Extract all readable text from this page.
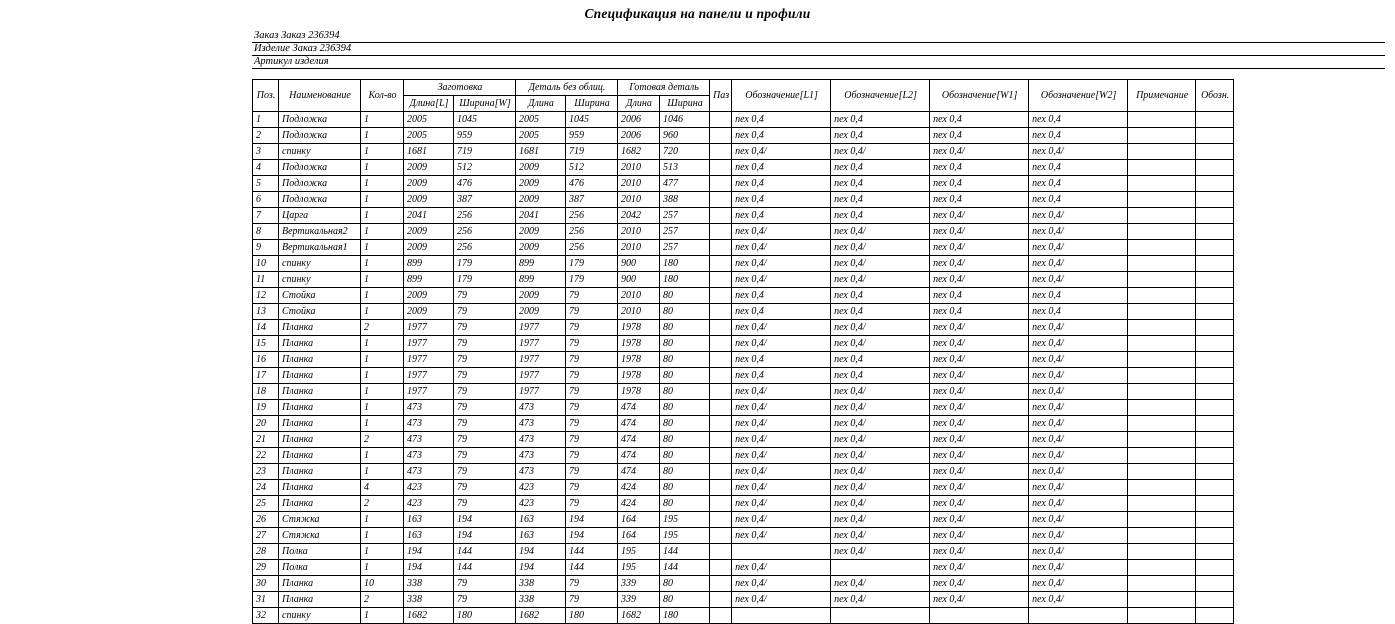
Спецификация на панели и профили
Заказ Заказ 236394
Изделие Заказ 236394
Артикул изделия
Поз.	Наименование	Кол-во	Заготовка		Деталь без облиц.		Готовая деталь		Паз	Обозначение[L1]	Обозначение[L2]	Обозначение[W1]	Обозначение[W2]	Примечание	Обозн.
			Длина[L]	Ширина[W]	Длина	Ширина	Длина	Ширина							
1	Подложка	1	2005	1045	2005	1045	2006	1046		пех 0,4	пех 0,4	пех 0,4	пех 0,4		
2	Подложка	1	2005	959	2005	959	2006	960		пех 0,4	пех 0,4	пех 0,4	пех 0,4		
3	спинку	1	1681	719	1681	719	1682	720		пех 0,4/	пех 0,4/	пех 0,4/	пех 0,4/		
4	Подложка	1	2009	512	2009	512	2010	513		пех 0,4	пех 0,4	пех 0,4	пех 0,4		
5	Подложка	1	2009	476	2009	476	2010	477		пех 0,4	пех 0,4	пех 0,4	пех 0,4		
6	Подложка	1	2009	387	2009	387	2010	388		пех 0,4	пех 0,4	пех 0,4	пех 0,4		
7	Царга	1	2041	256	2041	256	2042	257		пех 0,4	пех 0,4	пех 0,4/	пех 0,4/		
8	Вертикальная2	1	2009	256	2009	256	2010	257		пех 0,4/	пех 0,4/	пех 0,4/	пех 0,4/		
9	Вертикальная1	1	2009	256	2009	256	2010	257		пех 0,4/	пех 0,4/	пех 0,4/	пех 0,4/		
10	спинку	1	899	179	899	179	900	180		пех 0,4/	пех 0,4/	пех 0,4/	пех 0,4/		
11	спинку	1	899	179	899	179	900	180		пех 0,4/	пех 0,4/	пех 0,4/	пех 0,4/		
12	Стойка	1	2009	79	2009	79	2010	80		пех 0,4	пех 0,4	пех 0,4	пех 0,4		
13	Стойка	1	2009	79	2009	79	2010	80		пех 0,4	пех 0,4	пех 0,4	пех 0,4		
14	Планка	2	1977	79	1977	79	1978	80		пех 0,4/	пех 0,4/	пех 0,4/	пех 0,4/		
15	Планка	1	1977	79	1977	79	1978	80		пех 0,4/	пех 0,4/	пех 0,4/	пех 0,4/		
16	Планка	1	1977	79	1977	79	1978	80		пех 0,4	пех 0,4	пех 0,4/	пех 0,4/		
17	Планка	1	1977	79	1977	79	1978	80		пех 0,4	пех 0,4	пех 0,4/	пех 0,4/		
18	Планка	1	1977	79	1977	79	1978	80		пех 0,4/	пех 0,4/	пех 0,4/	пех 0,4/		
19	Планка	1	473	79	473	79	474	80		пех 0,4/	пех 0,4/	пех 0,4/	пех 0,4/		
20	Планка	1	473	79	473	79	474	80		пех 0,4/	пех 0,4/	пех 0,4/	пех 0,4/		
21	Планка	2	473	79	473	79	474	80		пех 0,4/	пех 0,4/	пех 0,4/	пех 0,4/		
22	Планка	1	473	79	473	79	474	80		пех 0,4/	пех 0,4/	пех 0,4/	пех 0,4/		
23	Планка	1	473	79	473	79	474	80		пех 0,4/	пех 0,4/	пех 0,4/	пех 0,4/		
24	Планка	4	423	79	423	79	424	80		пех 0,4/	пех 0,4/	пех 0,4/	пех 0,4/		
25	Планка	2	423	79	423	79	424	80		пех 0,4/	пех 0,4/	пех 0,4/	пех 0,4/		
26	Стяжка	1	163	194	163	194	164	195		пех 0,4/	пех 0,4/	пех 0,4/	пех 0,4/		
27	Стяжка	1	163	194	163	194	164	195		пех 0,4/	пех 0,4/	пех 0,4/	пех 0,4/		
28	Полка	1	194	144	194	144	195	144			пех 0,4/	пех 0,4/	пех 0,4/		
29	Полка	1	194	144	194	144	195	144		пех 0,4/		пех 0,4/	пех 0,4/		
30	Планка	10	338	79	338	79	339	80		пех 0,4/	пех 0,4/	пех 0,4/	пех 0,4/		
31	Планка	2	338	79	338	79	339	80		пех 0,4/	пех 0,4/	пех 0,4/	пех 0,4/		
32	спинку	1	1682	180	1682	180	1682	180							
